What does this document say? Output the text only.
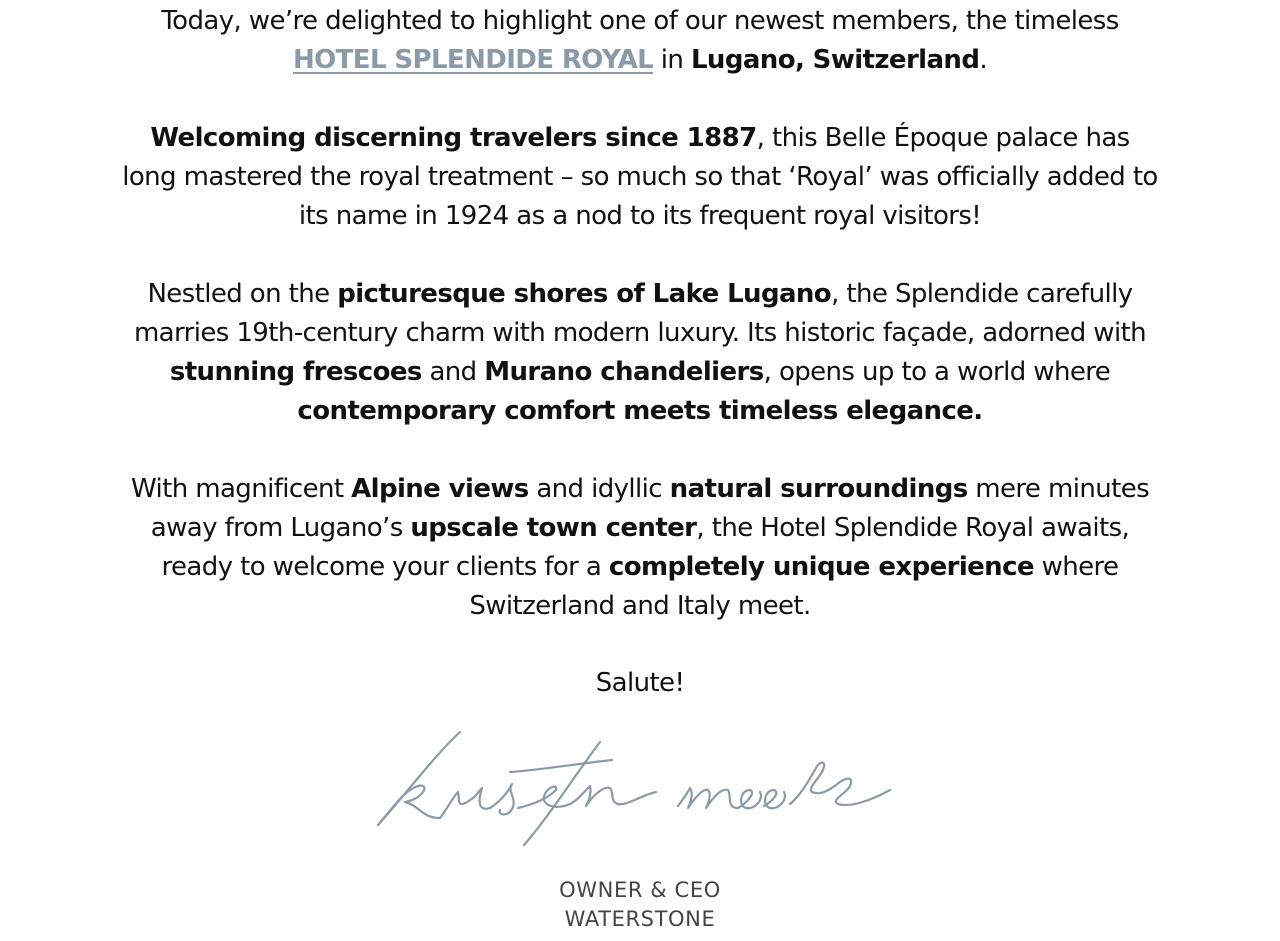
Today, we’re delighted to highlight one of our newest members, the timeless
HOTEL SPLENDIDE ROYAL in Lugano, Switzerland.

Welcoming discerning travelers since 1887, this Belle Époque palace has long mastered the royal treatment – so much so that ‘Royal’ was officially added to its name in 1924 as a nod to its frequent royal visitors!

Nestled on the picturesque shores of Lake Lugano, the Splendide carefully marries 19th-century charm with modern luxury. Its historic façade, adorned with stunning frescoes and Murano chandeliers, opens up to a world where contemporary comfort meets timeless elegance.

With magnificent Alpine views and idyllic natural surroundings mere minutes away from Lugano’s upscale town center, the Hotel Splendide Royal awaits, ready to welcome your clients for a completely unique experience where Switzerland and Italy meet.

Salute!

OWNER & CEO
WATERSTONE
